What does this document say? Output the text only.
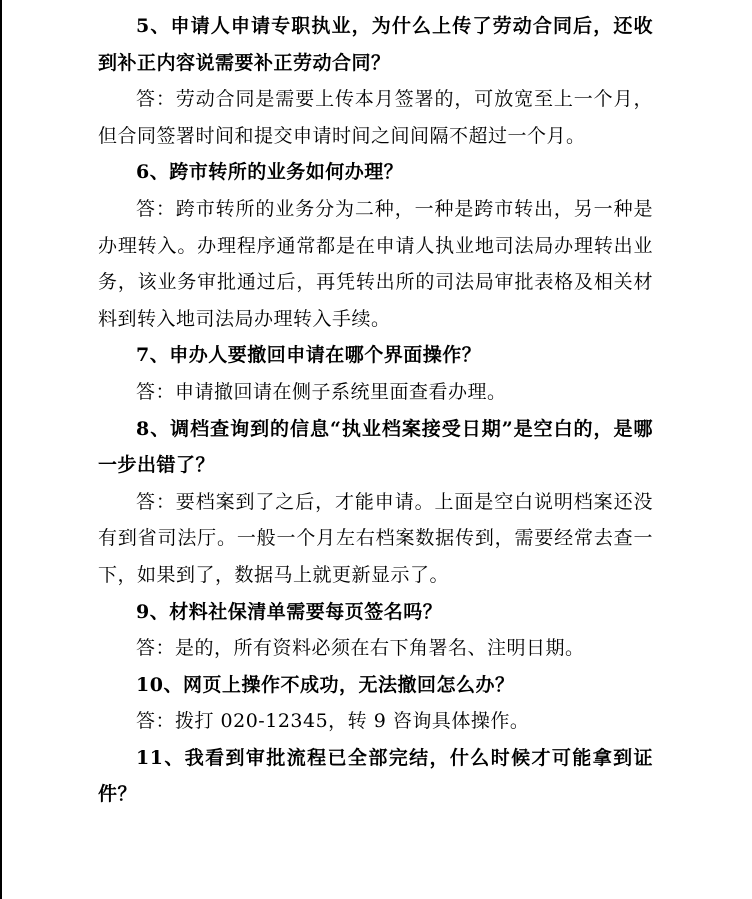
5、申请人申请专职执业，为什么上传了劳动合同后，还收到补正内容说需要补正劳动合同？

答：劳动合同是需要上传本月签署的，可放宽至上一个月，但合同签署时间和提交申请时间之间间隔不超过一个月。

6、跨市转所的业务如何办理？

答：跨市转所的业务分为二种，一种是跨市转出，另一种是办理转入。办理程序通常都是在申请人执业地司法局办理转出业务，该业务审批通过后，再凭转出所的司法局审批表格及相关材料到转入地司法局办理转入手续。

7、申办人要撤回申请在哪个界面操作？

答：申请撤回请在侧子系统里面查看办理。

8、调档查询到的信息“执业档案接受日期”是空白的，是哪一步出错了？

答：要档案到了之后，才能申请。上面是空白说明档案还没有到省司法厅。一般一个月左右档案数据传到，需要经常去查一下，如果到了，数据马上就更新显示了。

9、材料社保清单需要每页签名吗？

答：是的，所有资料必须在右下角署名、注明日期。

10、网页上操作不成功，无法撤回怎么办？

答：拨打 020-12345，转 9 咨询具体操作。

11、我看到审批流程已全部完结，什么时候才可能拿到证件？
